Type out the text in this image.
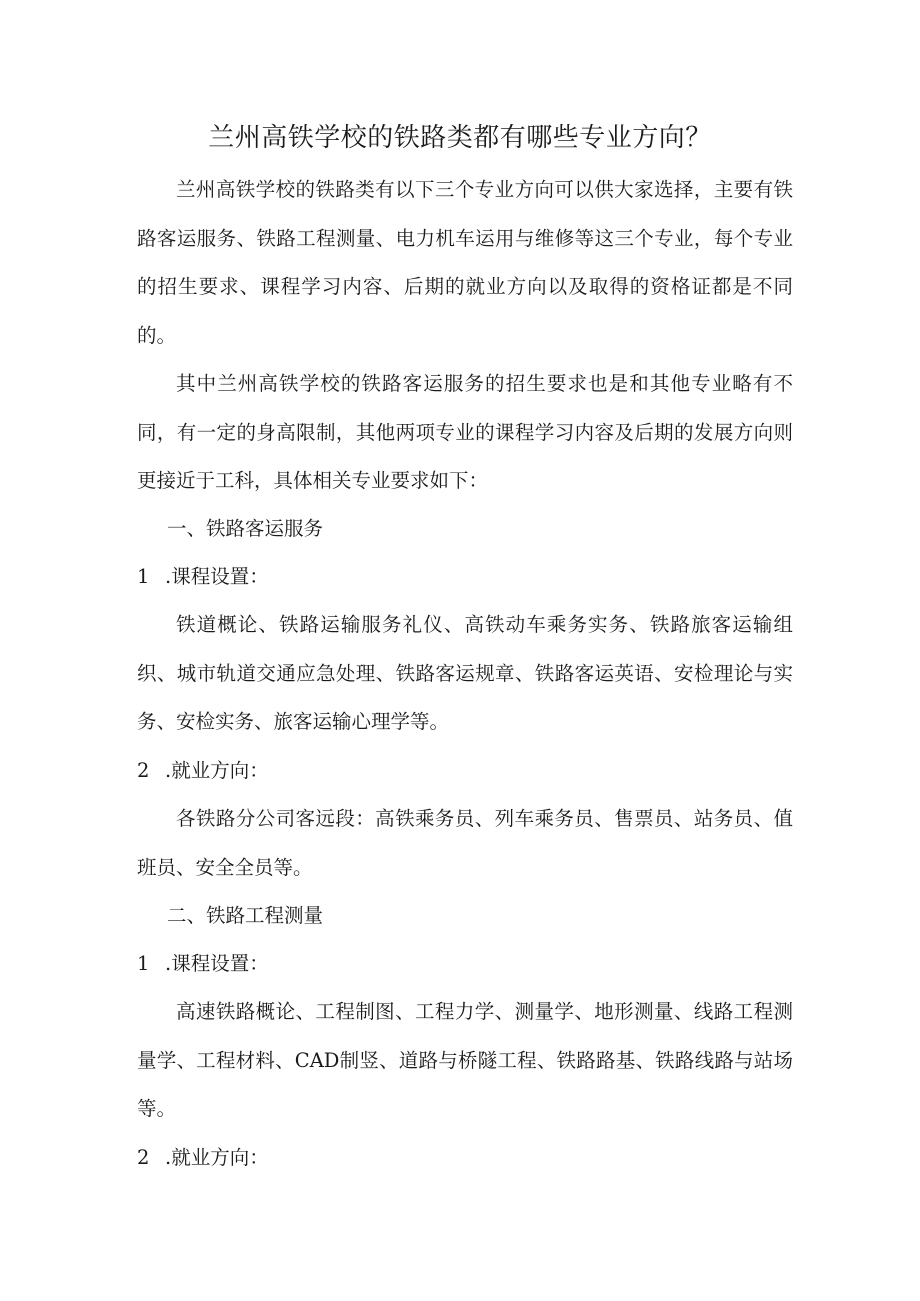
兰州高铁学校的铁路类都有哪些专业方向？

兰州高铁学校的铁路类有以下三个专业方向可以供大家选择，主要有铁路客运服务、铁路工程测量、电力机车运用与维修等这三个专业，每个专业的招生要求、课程学习内容、后期的就业方向以及取得的资格证都是不同的。

其中兰州高铁学校的铁路客运服务的招生要求也是和其他专业略有不同，有一定的身高限制，其他两项专业的课程学习内容及后期的发展方向则更接近于工科，具体相关专业要求如下：

一、铁路客运服务

1 .课程设置：

铁道概论、铁路运输服务礼仪、高铁动车乘务实务、铁路旅客运输组织、城市轨道交通应急处理、铁路客运规章、铁路客运英语、安检理论与实务、安检实务、旅客运输心理学等。

2 .就业方向：

各铁路分公司客远段：高铁乘务员、列车乘务员、售票员、站务员、值班员、安全全员等。

二、铁路工程测量

1 .课程设置：

高速铁路概论、工程制图、工程力学、测量学、地形测量、线路工程测量学、工程材料、CAD制竖、道路与桥隧工程、铁路路基、铁路线路与站场等。

2 .就业方向：
